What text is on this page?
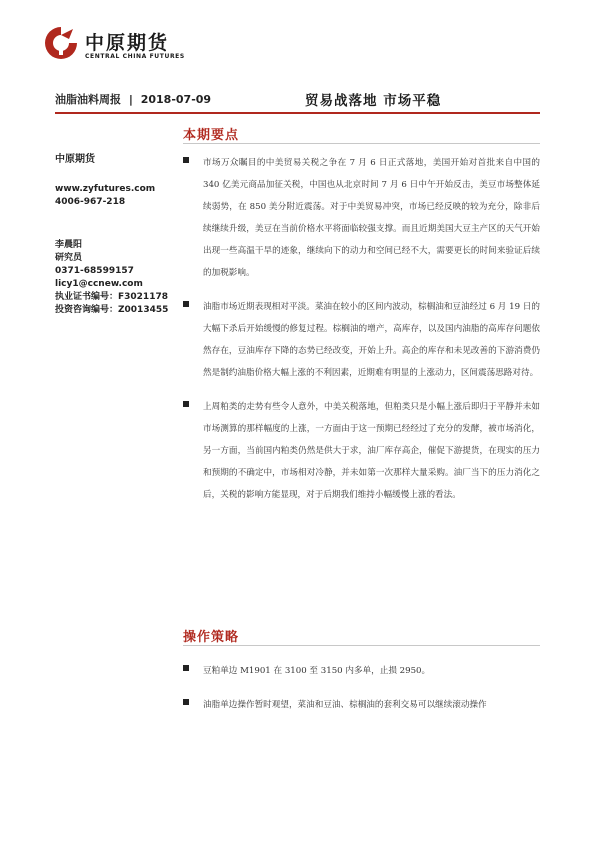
中原期货
CENTRAL CHINA FUTURES
油脂油料周报 | 2018-07-09	贸易战落地 市场平稳
中原期货
www.zyfutures.com
4006-967-218
李晨阳
研究员
0371-68599157
licy1@ccnew.com
执业证书编号：F3021178
投资咨询编号：Z0013455
本期要点

市场万众瞩目的中美贸易关税之争在 7 月 6 日正式落地，美国开始对首批来自中国的 340 亿美元商品加征关税，中国也从北京时间 7 月 6 日中午开始反击，美豆市场整体延续弱势，在 850 美分附近震荡。对于中美贸易冲突，市场已经反映的较为充分，除非后续继续升级，美豆在当前价格水平将面临较强支撑。而且近期美国大豆主产区的天气开始出现一些高温干旱的迹象，继续向下的动力和空间已经不大，需要更长的时间来验证后续的加税影响。

油脂市场近期表现相对平淡。菜油在较小的区间内波动，棕榈油和豆油经过 6 月 19 日的大幅下杀后开始缓慢的修复过程。棕榈油的增产，高库存，以及国内油脂的高库存问题依然存在，豆油库存下降的态势已经改变，开始上升。高企的库存和未见改善的下游消费仍然是制约油脂价格大幅上涨的不利因素，近期难有明显的上涨动力，区间震荡思路对待。

上周粕类的走势有些令人意外，中美关税落地，但粕类只是小幅上涨后即归于平静并未如市场测算的那样幅度的上涨，一方面由于这一预期已经经过了充分的发酵，被市场消化，另一方面，当前国内粕类仍然是供大于求，油厂库存高企，催促下游提货，在现实的压力和预期的不确定中，市场相对冷静，并未如第一次那样大量采购。油厂当下的压力消化之后，关税的影响方能显现，对于后期我们维持小幅缓慢上涨的看法。

操作策略

豆粕单边 M1901 在 3100 至 3150 内多单，止损 2950。

油脂单边操作暂时观望，菜油和豆油、棕榈油的套利交易可以继续滚动操作
